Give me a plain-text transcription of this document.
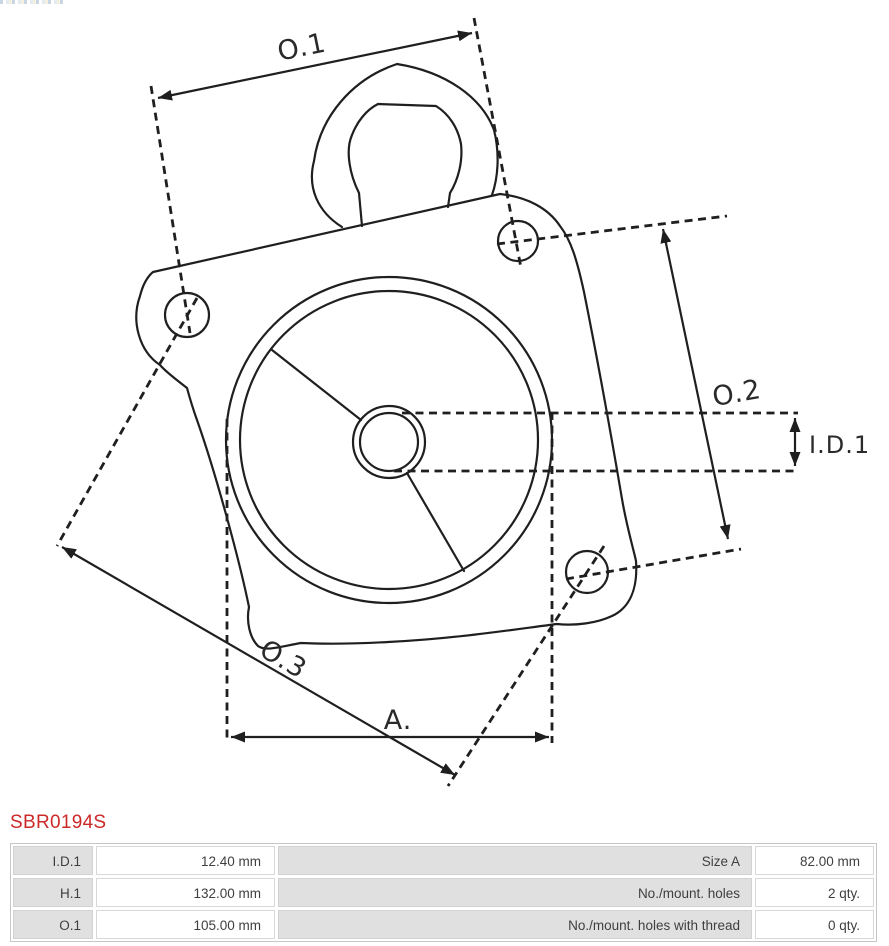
O.1
O.2
O.3
A.
I.D.1
SBR0194S
I.D.1	12.40 mm	Size A	82.00 mm
H.1	132.00 mm	No./mount. holes	2 qty.
O.1	105.00 mm	No./mount. holes with thread	0 qty.
